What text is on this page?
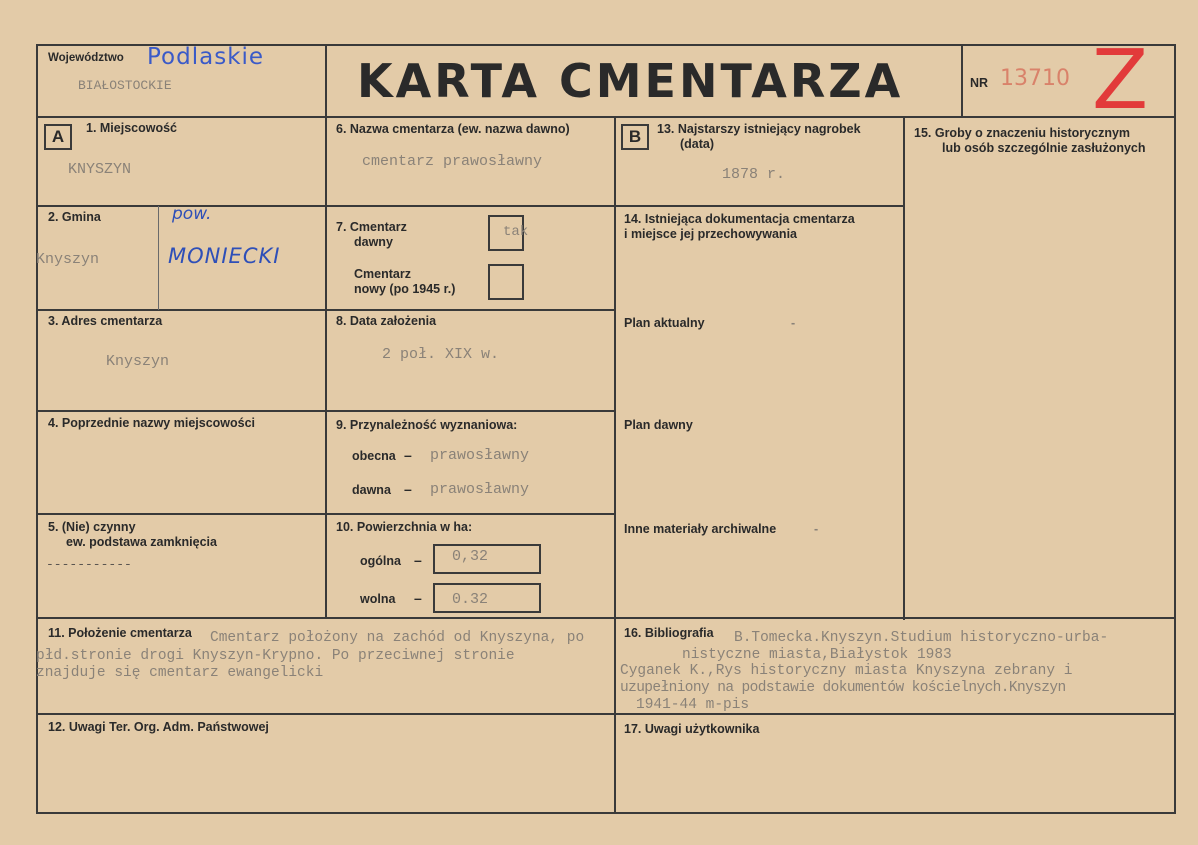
Województwo Podlaskie
BIAŁOSTOCKIE	KARTA CMENTARZA	NR 13710 Z
A	B
1. Miejscowość
KNYSZYN
6. Nazwa cmentarza (ew. nazwa dawno)
cmentarz prawosławny
13. Najstarszy istniejący nagrobek
(data)
1878 r.
15. Groby o znaczeniu historycznym
lub osób szczególnie zasłużonych
2. Gmina
Knyszyn
pow.
MONIECKI
7. Cmentarz
dawny
tak
Cmentarz
nowy (po 1945 r.)
14. Istniejąca dokumentacja cmentarza
i miejsce jej przechowywania
3. Adres cmentarza
Knyszyn
8. Data założenia
2 poł. XIX w.
Plan aktualny	-
4. Poprzednie nazwy miejscowości	9. Przynależność wyznaniowa:
obecna – prawosławny
dawna – prawosławny
Plan dawny
5. (Nie) czynny
ew. podstawa zamknięcia
-----------
10. Powierzchnia w ha:
ogólna – 0,32
wolna – 0.32
Inne materiały archiwalne	-
11. Położenie cmentarza Cmentarz położony na zachód od Knyszyna, po
płd.stronie drogi Knyszyn-Krypno. Po przeciwnej stronie
znajduje się cmentarz ewangelicki
16. Bibliografia B.Tomecka.Knyszyn.Studium historyczno-urba-
nistyczne miasta,Białystok 1983
Cyganek K.,Rys historyczny miasta Knyszyna zebrany i
uzupełniony na podstawie dokumentów kościelnych.Knyszyn
1941-44 m-pis
12. Uwagi Ter. Org. Adm. Państwowej	17. Uwagi użytkownika
